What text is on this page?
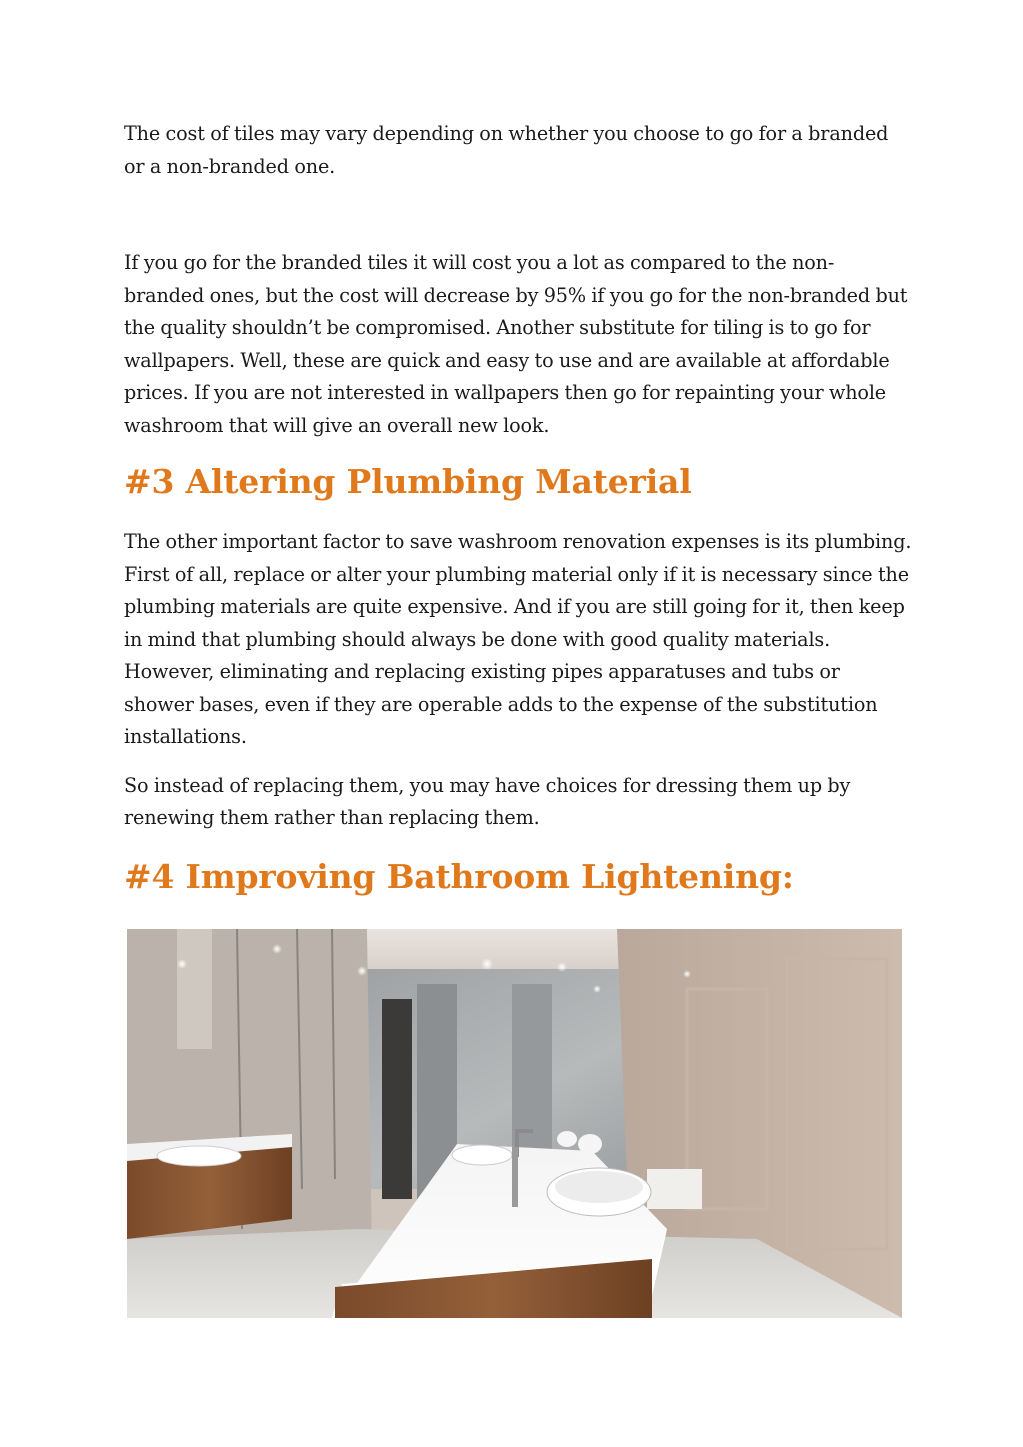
The cost of tiles may vary depending on whether you choose to go for a branded or a non-branded one.

If you go for the branded tiles it will cost you a lot as compared to the non-branded ones, but the cost will decrease by 95% if you go for the non-branded but the quality shouldn’t be compromised. Another substitute for tiling is to go for wallpapers. Well, these are quick and easy to use and are available at affordable prices. If you are not interested in wallpapers then go for repainting your whole washroom that will give an overall new look.

#3 Altering Plumbing Material

The other important factor to save washroom renovation expenses is its plumbing. First of all, replace or alter your plumbing material only if it is necessary since the plumbing materials are quite expensive. And if you are still going for it, then keep in mind that plumbing should always be done with good quality materials. However, eliminating and replacing existing pipes apparatuses and tubs or shower bases, even if they are operable adds to the expense of the substitution installations.

So instead of replacing them, you may have choices for dressing them up by renewing them rather than replacing them.

#4 Improving Bathroom Lightening:
